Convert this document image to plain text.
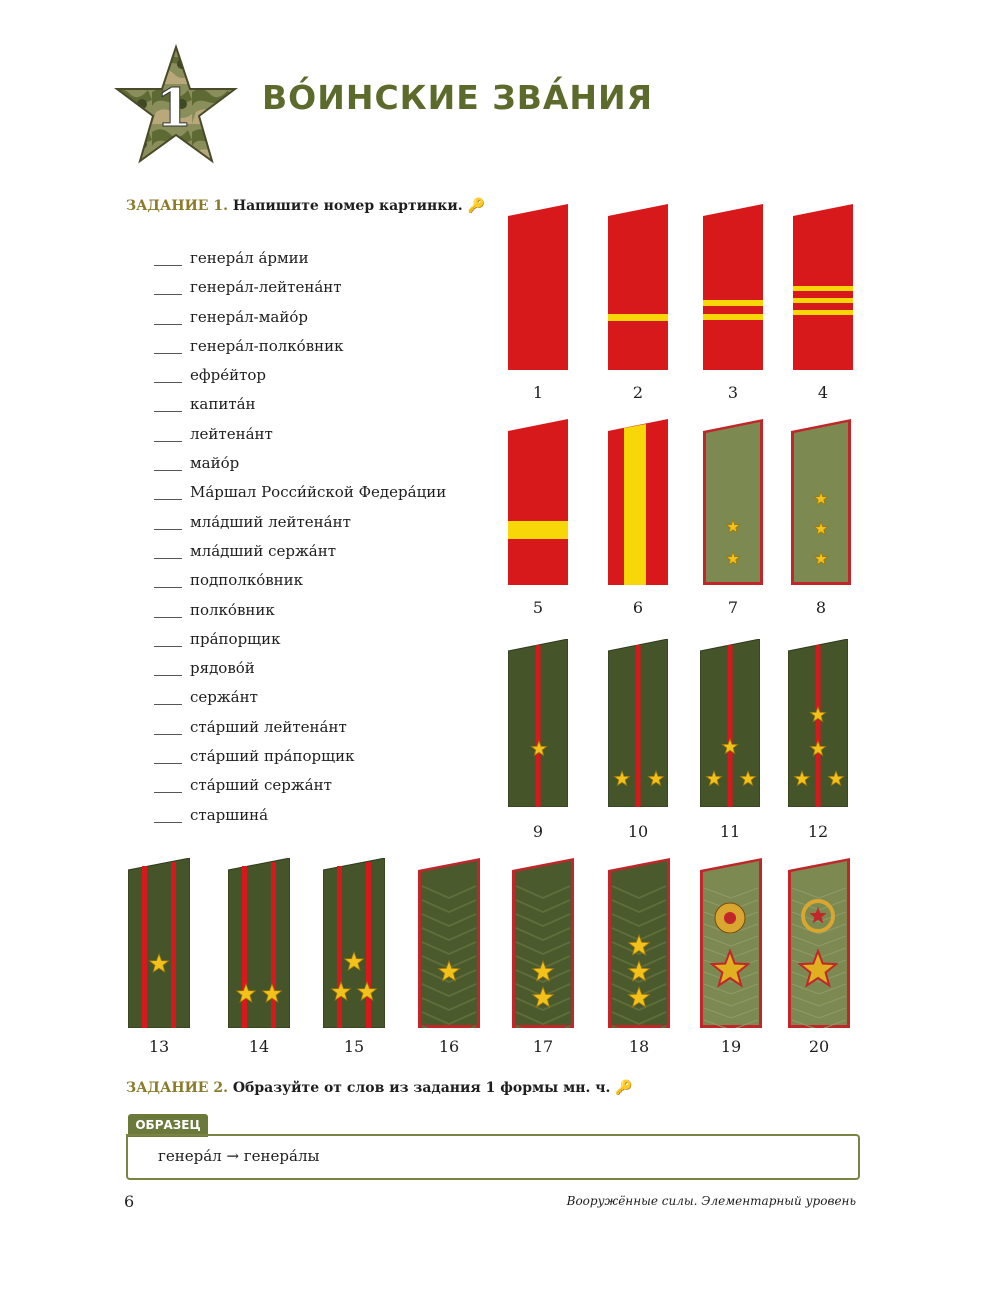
1 ВО́ИНСКИЕ ЗВА́НИЯ
ЗАДАНИЕ 1. Напишите номер картинки. 🔑
генера́л а́рмии
генера́л-лейтена́нт
генера́л-майо́р
генера́л-полко́вник
ефре́йтор
капита́н
лейтена́нт
майо́р
Ма́ршал Росси́йской Федера́ции
мла́дший лейтена́нт
мла́дший сержа́нт
подполко́вник
полко́вник
пра́порщик
рядово́й
сержа́нт
ста́рший лейтена́нт
ста́рший пра́порщик
ста́рший сержа́нт
старшина́
1	2	3	4
5	6	7	8
9	10	11	12
13	14	15	16	17	18	19	20
ЗАДАНИЕ 2. Образуйте от слов из задания 1 формы мн. ч. 🔑
ОБРАЗЕЦ
генера́л → генера́лы
6	Вооружённые силы. Элементарный уровень
